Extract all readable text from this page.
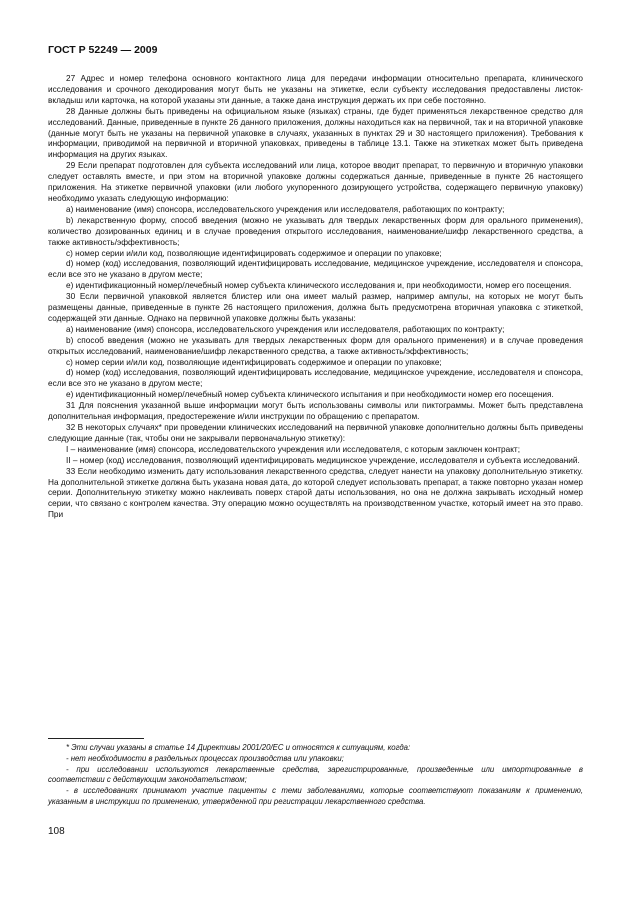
ГОСТ Р 52249 — 2009

27 Адрес и номер телефона основного контактного лица для передачи информации относительно препарата, клинического исследования и срочного декодирования могут быть не указаны на этикетке, если субъекту исследования предоставлены листок-вкладыш или карточка, на которой указаны эти данные, а также дана инструкция держать их при себе постоянно.

28 Данные должны быть приведены на официальном языке (языках) страны, где будет применяться лекарственное средство для исследований. Данные, приведенные в пункте 26 данного приложения, должны находиться как на первичной, так и на вторичной упаковке (данные могут быть не указаны на первичной упаковке в случаях, указанных в пунктах 29 и 30 настоящего приложения). Требования к информации, приводимой на первичной и вторичной упаковках, приведены в таблице 13.1. Также на этикетках может быть приведена информация на других языках.

29 Если препарат подготовлен для субъекта исследований или лица, которое вводит препарат, то первичную и вторичную упаковки следует оставлять вместе, и при этом на вторичной упаковке должны содержаться данные, приведенные в пункте 26 настоящего приложения. На этикетке первичной упаковки (или любого укупоренного дозирующего устройства, содержащего первичную упаковку) необходимо указать следующую информацию:

a) наименование (имя) спонсора, исследовательского учреждения или исследователя, работающих по контракту;

b) лекарственную форму, способ введения (можно не указывать для твердых лекарственных форм для орального применения), количество дозированных единиц и в случае проведения открытого исследования, наименование/шифр лекарственного средства, а также активность/эффективность;

c) номер серии и/или код, позволяющие идентифицировать содержимое и операции по упаковке;

d) номер (код) исследования, позволяющий идентифицировать исследование, медицинское учреждение, исследователя и спонсора, если все это не указано в другом месте;

e) идентификационный номер/лечебный номер субъекта клинического исследования и, при необходимости, номер его посещения.

30 Если первичной упаковкой является блистер или она имеет малый размер, например ампулы, на которых не могут быть размещены данные, приведенные в пункте 26 настоящего приложения, должна быть предусмотрена вторичная упаковка с этикеткой, содержащей эти данные. Однако на первичной упаковке должны быть указаны:

a) наименование (имя) спонсора, исследовательского учреждения или исследователя, работающих по контракту;

b) способ введения (можно не указывать для твердых лекарственных форм для орального применения) и в случае проведения открытых исследований, наименование/шифр лекарственного средства, а также активность/эффективность;

c) номер серии и/или код, позволяющие идентифицировать содержимое и операции по упаковке;

d) номер (код) исследования, позволяющий идентифицировать исследование, медицинское учреждение, исследователя и спонсора, если все это не указано в другом месте;

e) идентификационный номер/лечебный номер субъекта клинического испытания и при необходимости номер его посещения.

31 Для пояснения указанной выше информации могут быть использованы символы или пиктограммы. Может быть представлена дополнительная информация, предостережение и/или инструкции по обращению с препаратом.

32 В некоторых случаях* при проведении клинических исследований на первичной упаковке дополнительно должны быть приведены следующие данные (так, чтобы они не закрывали первоначальную этикетку):

I – наименование (имя) спонсора, исследовательского учреждения или исследователя, с которым заключен контракт;

II – номер (код) исследования, позволяющий идентифицировать медицинское учреждение, исследователя и субъекта исследований.

33 Если необходимо изменить дату использования лекарственного средства, следует нанести на упаковку дополнительную этикетку. На дополнительной этикетке должна быть указана новая дата, до которой следует использовать препарат, а также повторно указан номер серии. Дополнительную этикетку можно наклеивать поверх старой даты использования, но она не должна закрывать исходный номер серии, что связано с контролем качества. Эту операцию можно осуществлять на производственном участке, который имеет на это право. При

* Эти случаи указаны в статье 14 Директивы 2001/20/ЕС и относятся к ситуациям, когда:

- нет необходимости в раздельных процессах производства или упаковки;

- при исследовании используются лекарственные средства, зарегистрированные, произведенные или импортированные в соответствии с действующим законодательством;

- в исследованиях принимают участие пациенты с теми заболеваниями, которые соответствуют показаниям к применению, указанным в инструкции по применению, утвержденной при регистрации лекарственного средства.

108
